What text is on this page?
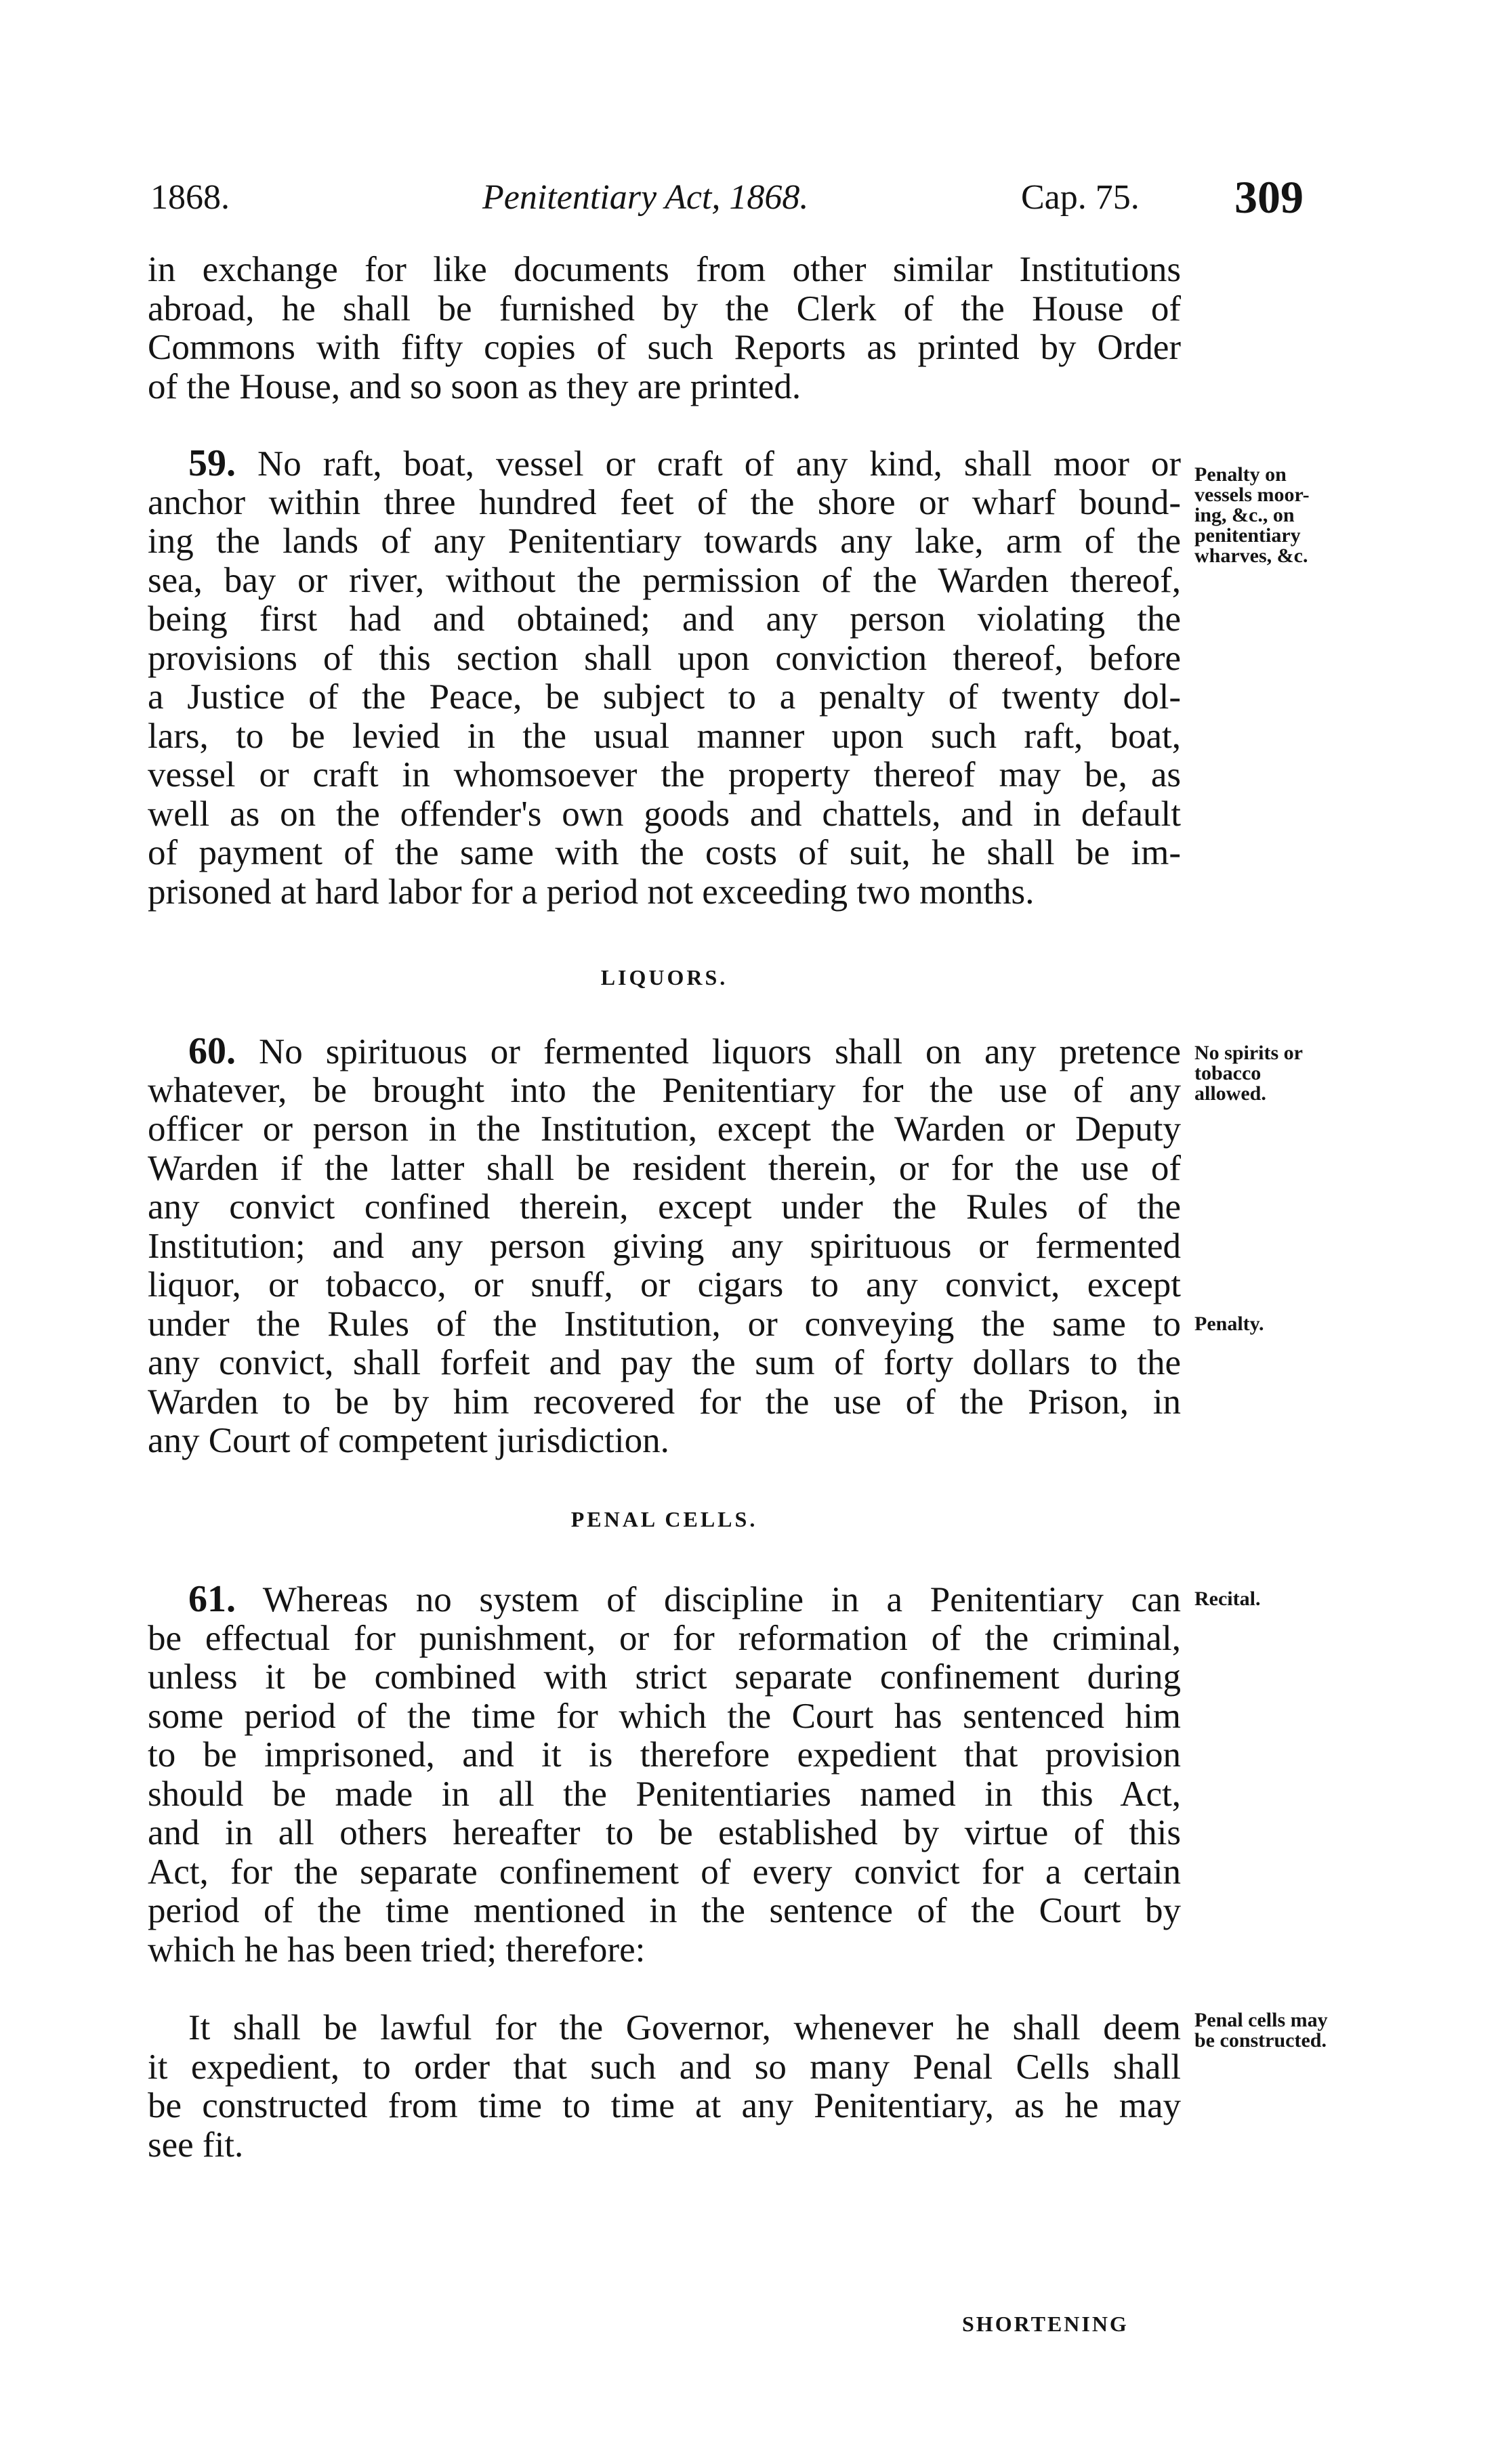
1868.	Penitentiary Act, 1868.	Cap. 75. 309
in exchange for like documents from other similar Institutions
abroad, he shall be furnished by the Clerk of the House of
Commons with fifty copies of such Reports as printed by Order
of the House, and so soon as they are printed.
59. No raft, boat, vessel or craft of any kind, shall moor or
anchor within three hundred feet of the shore or wharf bound-
ing the lands of any Penitentiary towards any lake, arm of the
sea, bay or river, without the permission of the Warden thereof,
being first had and obtained; and any person violating the
provisions of this section shall upon conviction thereof, before
a Justice of the Peace, be subject to a penalty of twenty dol-
lars, to be levied in the usual manner upon such raft, boat,
vessel or craft in whomsoever the property thereof may be, as
well as on the offender's own goods and chattels, and in default
of payment of the same with the costs of suit, he shall be im-
prisoned at hard labor for a period not exceeding two months.
Penalty on
vessels moor-
ing, &c., on
penitentiary
wharves, &c.
LIQUORS.
60. No spirituous or fermented liquors shall on any pretence
whatever, be brought into the Penitentiary for the use of any
officer or person in the Institution, except the Warden or Deputy
Warden if the latter shall be resident therein, or for the use of
any convict confined therein, except under the Rules of the
Institution; and any person giving any spirituous or fermented
liquor, or tobacco, or snuff, or cigars to any convict, except
under the Rules of the Institution, or conveying the same to
any convict, shall forfeit and pay the sum of forty dollars to the
Warden to be by him recovered for the use of the Prison, in
any Court of competent jurisdiction.
No spirits or
tobacco
allowed.
Penalty.
PENAL CELLS.
61. Whereas no system of discipline in a Penitentiary can
be effectual for punishment, or for reformation of the criminal,
unless it be combined with strict separate confinement during
some period of the time for which the Court has sentenced him
to be imprisoned, and it is therefore expedient that provision
should be made in all the Penitentiaries named in this Act,
and in all others hereafter to be established by virtue of this
Act, for the separate confinement of every convict for a certain
period of the time mentioned in the sentence of the Court by
which he has been tried; therefore:
Recital.
It shall be lawful for the Governor, whenever he shall deem
it expedient, to order that such and so many Penal Cells shall
be constructed from time to time at any Penitentiary, as he may
see fit.
Penal cells may
be constructed.
SHORTENING
